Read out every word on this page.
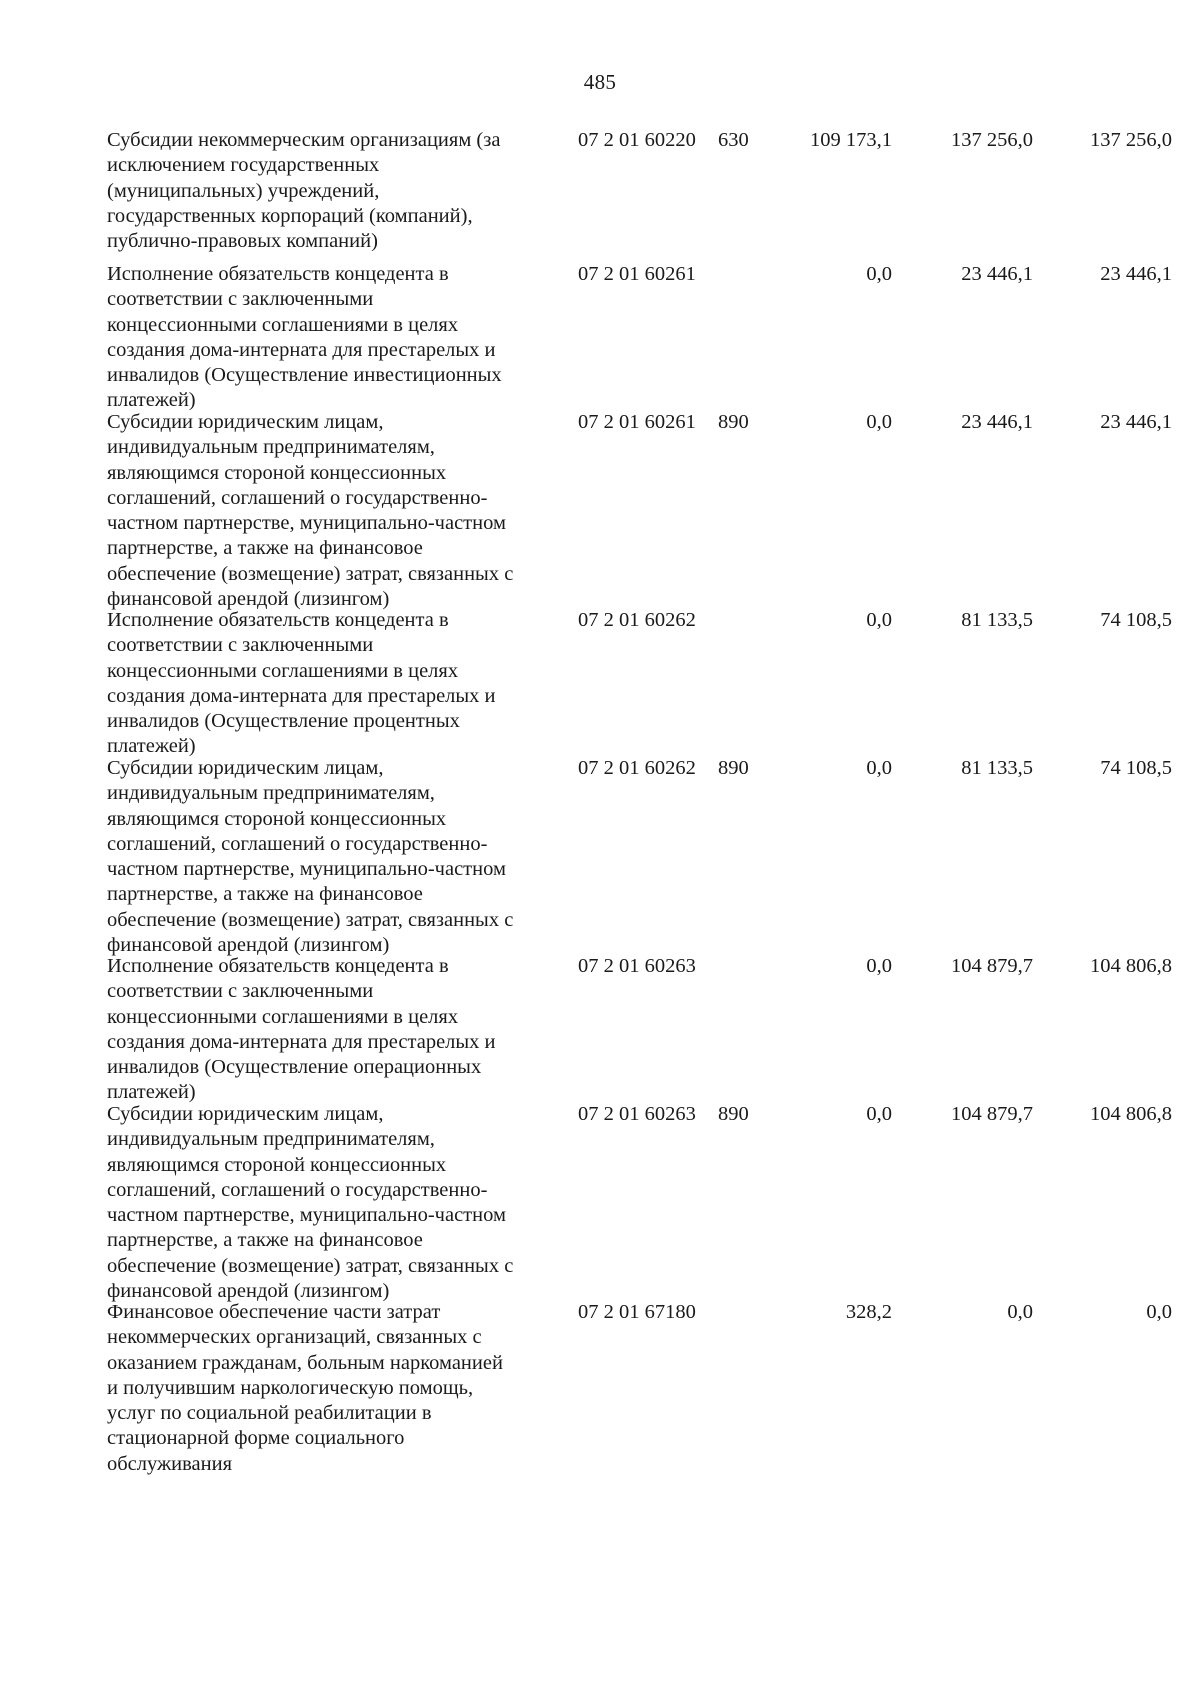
485
Субсидии некоммерческим организациям (за
исключением государственных
(муниципальных) учреждений,
государственных корпораций (компаний),
публично-правовых компаний)
07 2 01 60220 630	109 173,1	137 256,0	137 256,0
Исполнение обязательств концедента в
соответствии с заключенными
концессионными соглашениями в целях
создания дома-интерната для престарелых и
инвалидов (Осуществление инвестиционных
платежей)
07 2 01 60261	0,0	23 446,1	23 446,1
Субсидии юридическим лицам,
индивидуальным предпринимателям,
являющимся стороной концессионных
соглашений, соглашений о государственно-
частном партнерстве, муниципально-частном
партнерстве, а также на финансовое
обеспечение (возмещение) затрат, связанных с
финансовой арендой (лизингом)
07 2 01 60261 890	0,0	23 446,1	23 446,1
Исполнение обязательств концедента в
соответствии с заключенными
концессионными соглашениями в целях
создания дома-интерната для престарелых и
инвалидов (Осуществление процентных
платежей)
07 2 01 60262	0,0	81 133,5	74 108,5
Субсидии юридическим лицам,
индивидуальным предпринимателям,
являющимся стороной концессионных
соглашений, соглашений о государственно-
частном партнерстве, муниципально-частном
партнерстве, а также на финансовое
обеспечение (возмещение) затрат, связанных с
финансовой арендой (лизингом)
07 2 01 60262 890	0,0	81 133,5	74 108,5
Исполнение обязательств концедента в
соответствии с заключенными
концессионными соглашениями в целях
создания дома-интерната для престарелых и
инвалидов (Осуществление операционных
платежей)
07 2 01 60263	0,0	104 879,7	104 806,8
Субсидии юридическим лицам,
индивидуальным предпринимателям,
являющимся стороной концессионных
соглашений, соглашений о государственно-
частном партнерстве, муниципально-частном
партнерстве, а также на финансовое
обеспечение (возмещение) затрат, связанных с
финансовой арендой (лизингом)
07 2 01 60263 890	0,0	104 879,7	104 806,8
Финансовое обеспечение части затрат
некоммерческих организаций, связанных с
оказанием гражданам, больным наркоманией
и получившим наркологическую помощь,
услуг по социальной реабилитации в
стационарной форме социального
обслуживания
07 2 01 67180	328,2	0,0	0,0
